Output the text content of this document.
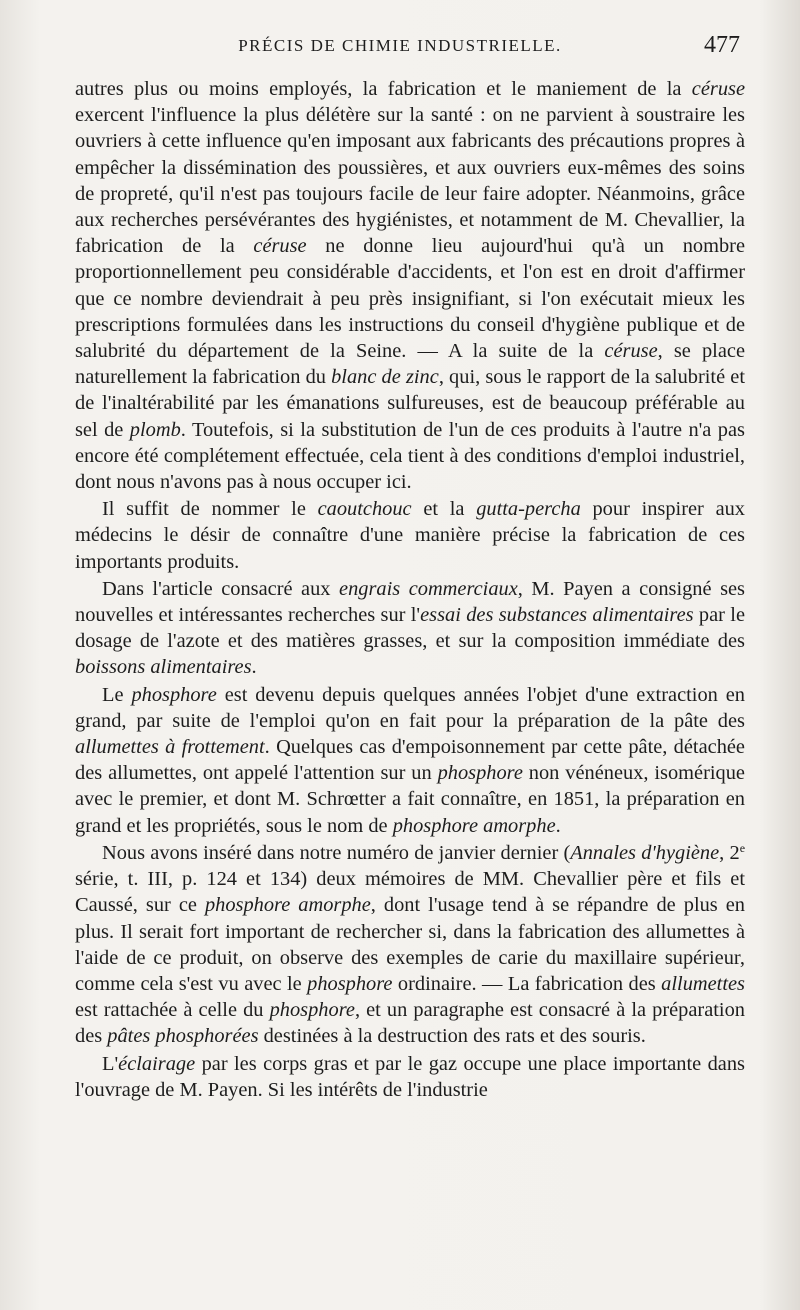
PRÉCIS DE CHIMIE INDUSTRIELLE.	477

autres plus ou moins employés, la fabrication et le maniement de la céruse exercent l'influence la plus délétère sur la santé : on ne parvient à soustraire les ouvriers à cette influence qu'en imposant aux fabricants des précautions propres à empêcher la dissémination des poussières, et aux ouvriers eux-mêmes des soins de propreté, qu'il n'est pas toujours facile de leur faire adopter. Néanmoins, grâce aux recherches persévérantes des hygiénistes, et notamment de M. Chevallier, la fabrication de la céruse ne donne lieu aujourd'hui qu'à un nombre proportionnellement peu considérable d'accidents, et l'on est en droit d'affirmer que ce nombre deviendrait à peu près insignifiant, si l'on exécutait mieux les prescriptions formulées dans les instructions du conseil d'hygiène publique et de salubrité du département de la Seine. — A la suite de la céruse, se place naturellement la fabrication du blanc de zinc, qui, sous le rapport de la salubrité et de l'inaltérabilité par les émanations sulfureuses, est de beaucoup préférable au sel de plomb. Toutefois, si la substitution de l'un de ces produits à l'autre n'a pas encore été complétement effectuée, cela tient à des conditions d'emploi industriel, dont nous n'avons pas à nous occuper ici.

Il suffit de nommer le caoutchouc et la gutta-percha pour inspirer aux médecins le désir de connaître d'une manière précise la fabrication de ces importants produits.

Dans l'article consacré aux engrais commerciaux, M. Payen a consigné ses nouvelles et intéressantes recherches sur l'essai des substances alimentaires par le dosage de l'azote et des matières grasses, et sur la composition immédiate des boissons alimentaires.

Le phosphore est devenu depuis quelques années l'objet d'une extraction en grand, par suite de l'emploi qu'on en fait pour la préparation de la pâte des allumettes à frottement. Quelques cas d'empoisonnement par cette pâte, détachée des allumettes, ont appelé l'attention sur un phosphore non vénéneux, isomérique avec le premier, et dont M. Schrœtter a fait connaître, en 1851, la préparation en grand et les propriétés, sous le nom de phosphore amorphe.

Nous avons inséré dans notre numéro de janvier dernier (Annales d'hygiène, 2e série, t. III, p. 124 et 134) deux mémoires de MM. Chevallier père et fils et Caussé, sur ce phosphore amorphe, dont l'usage tend à se répandre de plus en plus. Il serait fort important de rechercher si, dans la fabrication des allumettes à l'aide de ce produit, on observe des exemples de carie du maxillaire supérieur, comme cela s'est vu avec le phosphore ordinaire. — La fabrication des allumettes est rattachée à celle du phosphore, et un paragraphe est consacré à la préparation des pâtes phosphorées destinées à la destruction des rats et des souris.

L'éclairage par les corps gras et par le gaz occupe une place importante dans l'ouvrage de M. Payen. Si les intérêts de l'industrie
